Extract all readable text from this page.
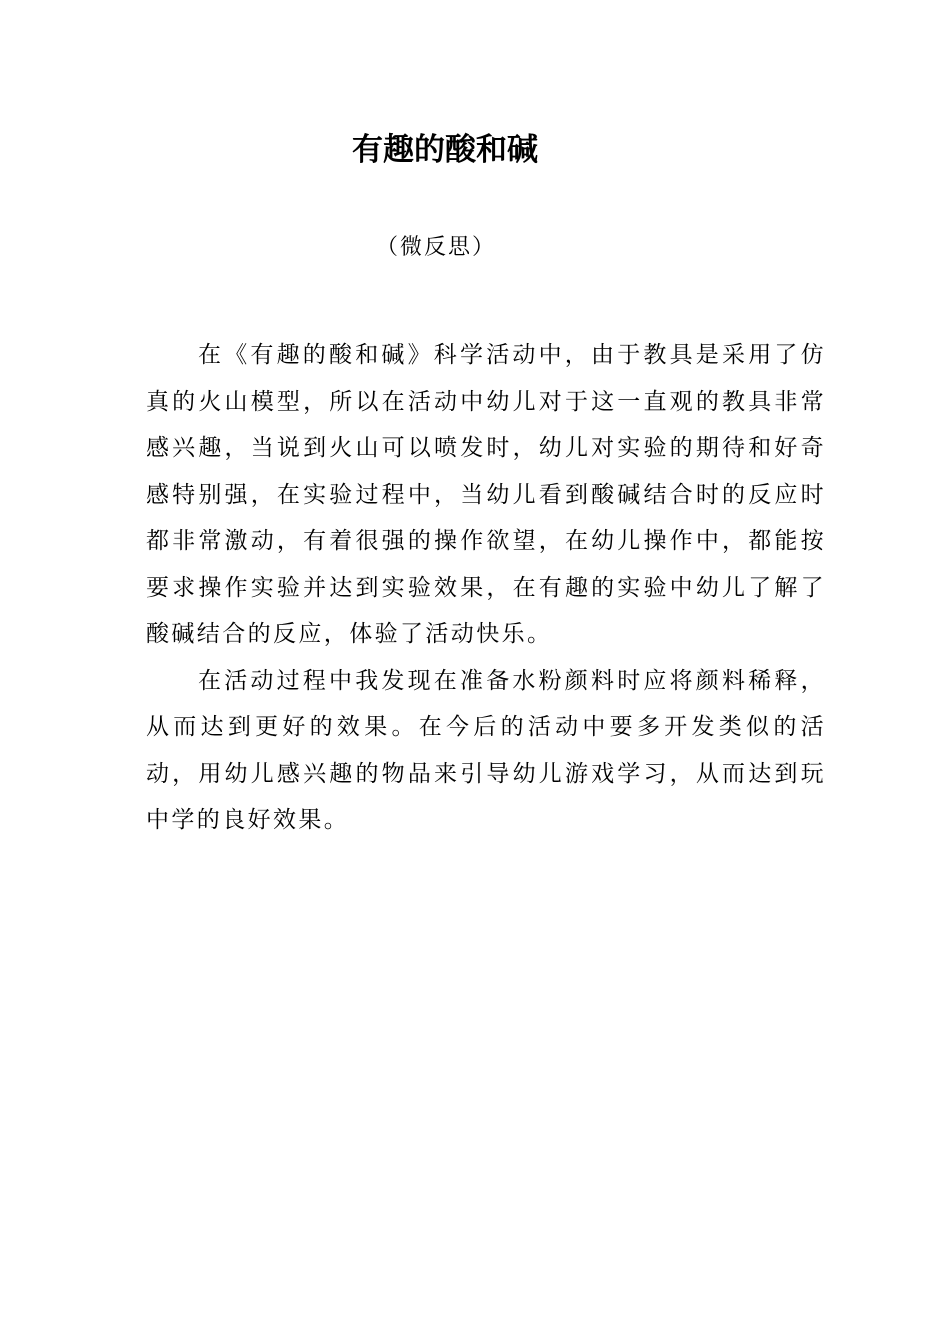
有趣的酸和碱

（微反思）

在《有趣的酸和碱》科学活动中，由于教具是采用了仿真的火山模型，所以在活动中幼儿对于这一直观的教具非常感兴趣，当说到火山可以喷发时，幼儿对实验的期待和好奇感特别强，在实验过程中，当幼儿看到酸碱结合时的反应时都非常激动，有着很强的操作欲望，在幼儿操作中，都能按要求操作实验并达到实验效果，在有趣的实验中幼儿了解了酸碱结合的反应，体验了活动快乐。

在活动过程中我发现在准备水粉颜料时应将颜料稀释，从而达到更好的效果。在今后的活动中要多开发类似的活动，用幼儿感兴趣的物品来引导幼儿游戏学习，从而达到玩中学的良好效果。
